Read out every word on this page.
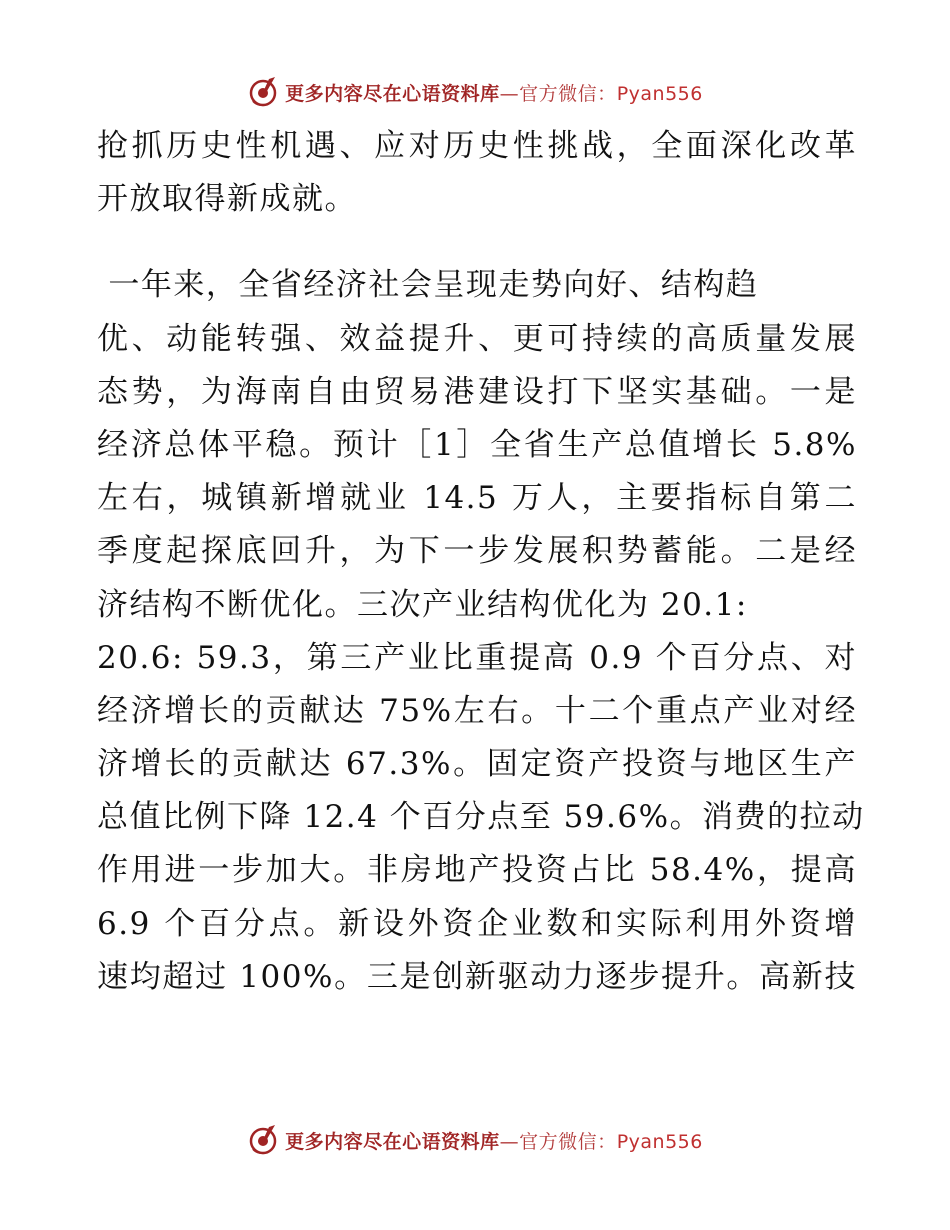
更多内容尽在心语资料库—官方微信：Pyan556
抢抓历史性机遇、应对历史性挑战，全面深化改革
开放取得新成就。
一年来，全省经济社会呈现走势向好、结构趋
优、动能转强、效益提升、更可持续的高质量发展
态势，为海南自由贸易港建设打下坚实基础。一是
经济总体平稳。预计［1］全省生产总值增长 5.8%
左右，城镇新增就业 14.5 万人，主要指标自第二
季度起探底回升，为下一步发展积势蓄能。二是经
济结构不断优化。三次产业结构优化为 20.1:
20.6: 59.3，第三产业比重提高 0.9 个百分点、对
经济增长的贡献达 75%左右。十二个重点产业对经
济增长的贡献达 67.3%。固定资产投资与地区生产
总值比例下降 12.4 个百分点至 59.6%。消费的拉动
作用进一步加大。非房地产投资占比 58.4%，提高
6.9 个百分点。新设外资企业数和实际利用外资增
速均超过 100%。三是创新驱动力逐步提升。高新技
更多内容尽在心语资料库—官方微信：Pyan556
